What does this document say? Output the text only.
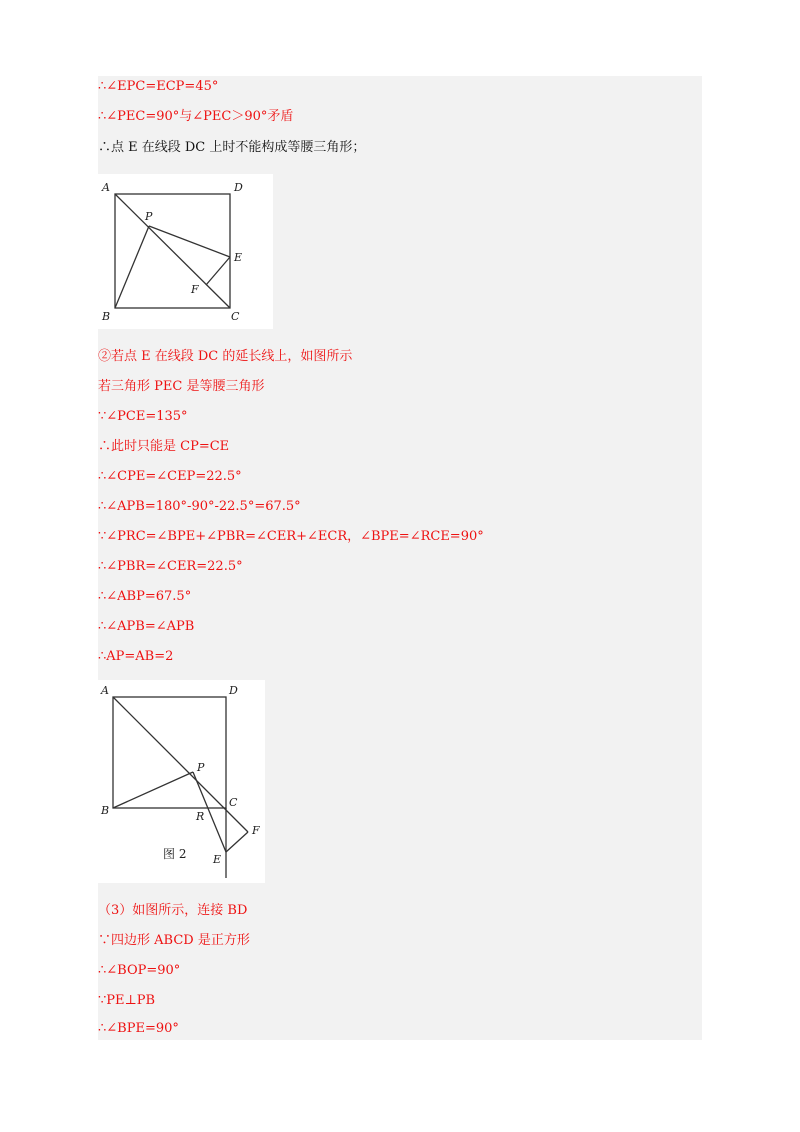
∴∠EPC=ECP=45°
∴∠PEC=90°与∠PEC＞90°矛盾
∴点 E 在线段 DC 上时不能构成等腰三角形；
A	D
P
E
F
B	C
②若点 E 在线段 DC 的延长线上，如图所示
若三角形 PEC 是等腰三角形
∵∠PCE=135°
∴此时只能是 CP=CE
∴∠CPE=∠CEP=22.5°
∴∠APB=180°-90°-22.5°=67.5°
∵∠PRC=∠BPE+∠PBR=∠CER+∠ECR，∠BPE=∠RCE=90°
∴∠PBR=∠CER=22.5°
∴∠ABP=67.5°
∴∠APB=∠APB
∴AP=AB=2
A	D
P
B
C
R
F
E
图 2
（3）如图所示，连接 BD
∵四边形 ABCD 是正方形
∴∠BOP=90°
∵PE⊥PB
∴∠BPE=90°
